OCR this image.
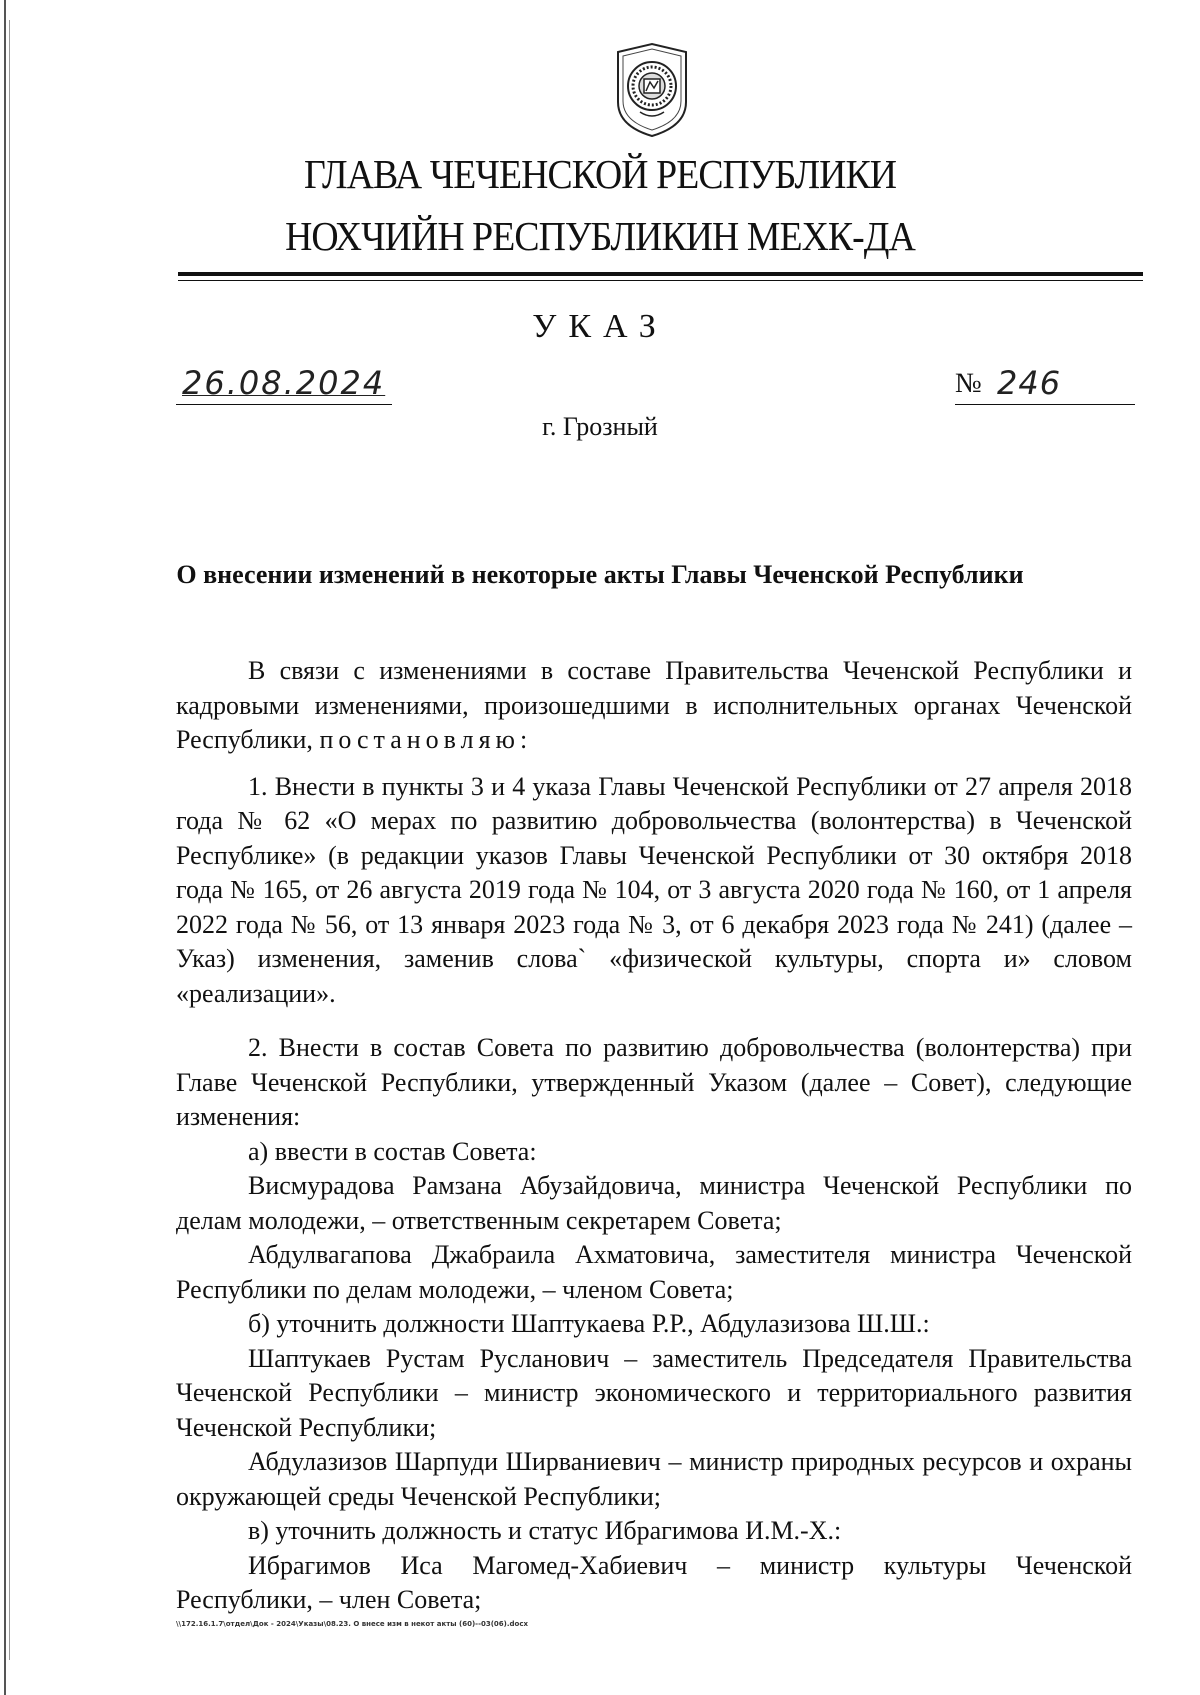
ГЛАВА ЧЕЧЕНСКОЙ РЕСПУБЛИКИ
НОХЧИЙН РЕСПУБЛИКИН МЕХК-ДА
УКАЗ
26.08.2024	№ 246
г. Грозный
О внесении изменений в некоторые акты Главы Чеченской Республики

В связи с изменениями в составе Правительства Чеченской Республики и кадровыми изменениями, произошедшими в исполнительных органах Чеченской Республики, постановляю:

1. Внести в пункты 3 и 4 указа Главы Чеченской Республики от 27 апреля 2018 года № 62 «О мерах по развитию добровольчества (волонтерства) в Чеченской Республике» (в редакции указов Главы Чеченской Республики от 30 октября 2018 года № 165, от 26 августа 2019 года № 104, от 3 августа 2020 года № 160, от 1 апреля 2022 года № 56, от 13 января 2023 года № 3, от 6 декабря 2023 года № 241) (далее – Указ) изменения, заменив слова` «физической культуры, спорта и» словом «реализации».

2. Внести в состав Совета по развитию добровольчества (волонтерства) при Главе Чеченской Республики, утвержденный Указом (далее – Совет), следующие изменения:

а) ввести в состав Совета:

Висмурадова Рамзана Абузайдовича, министра Чеченской Республики по делам молодежи, – ответственным секретарем Совета;

Абдулвагапова Джабраила Ахматовича, заместителя министра Чеченской Республики по делам молодежи, – членом Совета;

б) уточнить должности Шаптукаева Р.Р., Абдулазизова Ш.Ш.:

Шаптукаев Рустам Русланович – заместитель Председателя Правительства Чеченской Республики – министр экономического и территориального развития Чеченской Республики;

Абдулазизов Шарпуди Ширваниевич – министр природных ресурсов и охраны окружающей среды Чеченской Республики;

в) уточнить должность и статус Ибрагимова И.М.-Х.:

Ибрагимов Иса Магомед-Хабиевич – министр культуры Чеченской Республики, – член Совета;

\\172.16.1.7\отдел\Док - 2024\Указы\08.23. О внесе изм в некот акты (60)--03(06).docx
